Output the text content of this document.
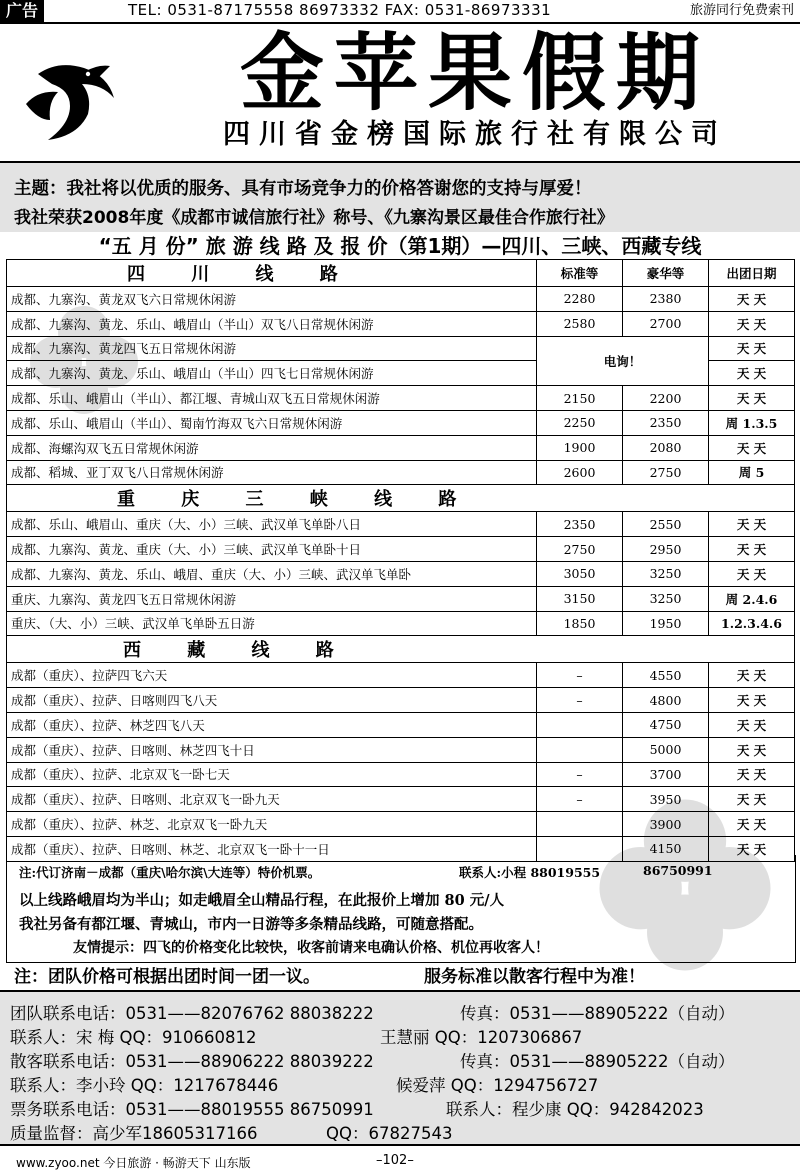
广告	TEL: 0531-87175558 86973332 FAX: 0531-86973331	旅游同行免费索刊
金苹果假期
四川省金榜国际旅行社有限公司
主题：我社将以优质的服务、具有市场竞争力的价格答谢您的支持与厚爱！
我社荣获2008年度《成都市诚信旅行社》称号、《九寨沟景区最佳合作旅行社》
“五 月 份” 旅 游 线 路 及 报 价（第1期）—四川、三峡、西藏专线
四 川 线 路	标准等	豪华等	出团日期
成都、九寨沟、黄龙双飞六日常规休闲游	2280	2380	天 天
成都、九寨沟、黄龙、乐山、峨眉山（半山）双飞八日常规休闲游	2580	2700	天 天
成都、九寨沟、黄龙四飞五日常规休闲游	电询！		天 天
成都、九寨沟、黄龙、乐山、峨眉山（半山）四飞七日常规休闲游			天 天
成都、乐山、峨眉山（半山）、都江堰、青城山双飞五日常规休闲游	2150	2200	天 天
成都、乐山、峨眉山（半山）、蜀南竹海双飞六日常规休闲游	2250	2350	周 1.3.5
成都、海螺沟双飞五日常规休闲游	1900	2080	天 天
成都、稻城、亚丁双飞八日常规休闲游	2600	2750	周 5
重 庆 三 峡 线 路			
成都、乐山、峨眉山、重庆（大、小）三峡、武汉单飞单卧八日	2350	2550	天 天
成都、九寨沟、黄龙、重庆（大、小）三峡、武汉单飞单卧十日	2750	2950	天 天
成都、九寨沟、黄龙、乐山、峨眉、重庆（大、小）三峡、武汉单飞单卧	3050	3250	天 天
重庆、九寨沟、黄龙四飞五日常规休闲游	3150	3250	周 2.4.6
重庆、（大、小）三峡、武汉单飞单卧五日游	1850	1950	1.2.3.4.6
西 藏 线 路			
成都（重庆）、拉萨四飞六天	–	4550	天 天
成都（重庆）、拉萨、日喀则四飞八天	–	4800	天 天
成都（重庆）、拉萨、林芝四飞八天		4750	天 天
成都（重庆）、拉萨、日喀则、林芝四飞十日		5000	天 天
成都（重庆）、拉萨、北京双飞一卧七天	–	3700	天 天
成都（重庆）、拉萨、日喀则、北京双飞一卧九天	–	3950	天 天
成都（重庆）、拉萨、林芝、北京双飞一卧九天		3900	天 天
成都（重庆）、拉萨、日喀则、林芝、北京双飞一卧十一日		4150	天 天
注:代订济南－成都（重庆\哈尔滨\大连等）特价机票。	联系人:小程 88019555	86750991
以上线路峨眉均为半山；如走峨眉全山精品行程，在此报价上增加 80 元/人
我社另备有都江堰、青城山，市内一日游等多条精品线路，可随意搭配。
友情提示：四飞的价格变化比较快，收客前请来电确认价格、机位再收客人！
注：团队价格可根据出团时间一团一议。	服务标准以散客行程中为准！
团队联系电话：0531——82076762 88038222	传真：0531——88905222（自动）
联系人：宋 梅 QQ：910660812	王慧丽 QQ：1207306867
散客联系电话：0531——88906222 88039222	传真：0531——88905222（自动）
联系人：李小玲 QQ：1217678446	候爱萍 QQ：1294756727
票务联系电话：0531——88019555 86750991	联系人：程少康 QQ：942842023
质量监督：高少军18605317166	QQ：67827543
www.zyoo.net 今日旅游 · 畅游天下 山东版	–102–
